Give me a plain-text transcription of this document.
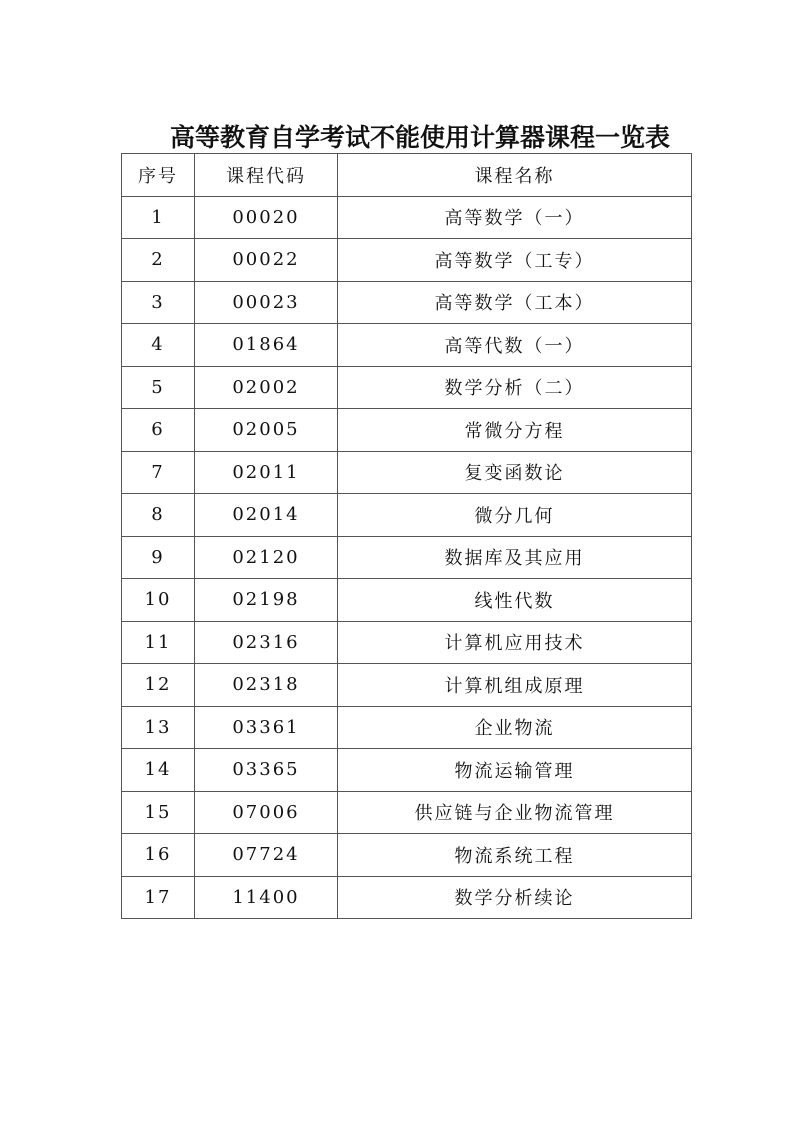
高等教育自学考试不能使用计算器课程一览表
序号	课程代码	课程名称
1	00020	高等数学（一）
2	00022	高等数学（工专）
3	00023	高等数学（工本）
4	01864	高等代数（一）
5	02002	数学分析（二）
6	02005	常微分方程
7	02011	复变函数论
8	02014	微分几何
9	02120	数据库及其应用
10	02198	线性代数
11	02316	计算机应用技术
12	02318	计算机组成原理
13	03361	企业物流
14	03365	物流运输管理
15	07006	供应链与企业物流管理
16	07724	物流系统工程
17	11400	数学分析续论
